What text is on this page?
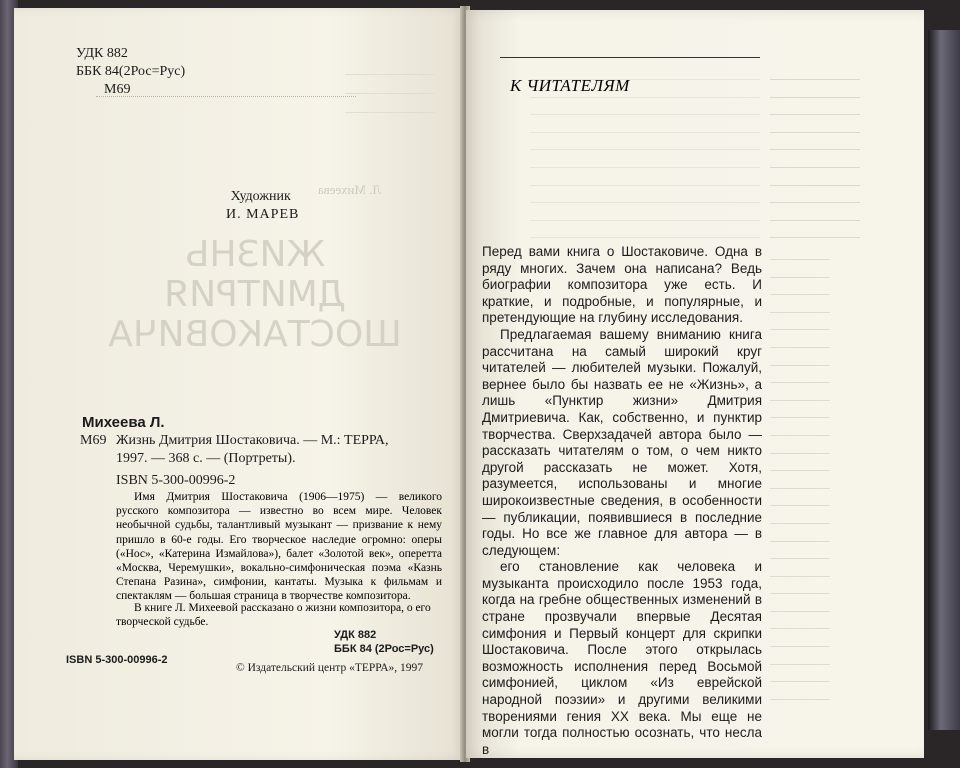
ЖИЗНЬ
ДМИТРИЯ
ШОСТАКОВИЧА
Л. Михеева
УДК 882
ББК 84(2Рос=Рус)
М69
Художник
И. МАРЕВ
Михеева Л.
М69 Жизнь Дмитрия Шостаковича. — М.: ТЕРРА,
1997. — 368 с. — (Портреты).
ISBN 5-300-00996-2
Имя Дмитрия Шостаковича (1906—1975) — великого русского композитора — известно во всем мире. Человек необычной судьбы, талантливый музыкант — призвание к нему пришло в 60-е годы. Его творческое наследие огромно: оперы («Нос», «Катерина Измайлова»), балет «Золотой век», оперетта «Москва, Черемушки», вокально-симфоническая поэма «Казнь Степана Разина», симфонии, кантаты. Музыка к фильмам и спектаклям — большая страница в творчестве композитора.
В книге Л. Михеевой рассказано о жизни композитора, о его творческой судьбе.
УДК 882
ББК 84 (2Рос=Рус)
ISBN 5-300-00996-2
© Издательский центр «ТЕРРА», 1997
К ЧИТАТЕЛЯМ

Перед вами книга о Шостаковиче. Одна в ряду многих. Зачем она написана? Ведь биографии композитора уже есть. И краткие, и подробные, и популярные, и претендующие на глубину исследования.

Предлагаемая вашему вниманию книга рассчитана на самый широкий круг читателей — любителей музыки. Пожалуй, вернее было бы назвать ее не «Жизнь», а лишь «Пунктир жизни» Дмитрия Дмитриевича. Как, собственно, и пунктир творчества. Сверхзадачей автора было — рассказать читателям о том, о чем никто другой рассказать не может. Хотя, разумеется, использованы и многие широкоизвестные сведения, в особенности — публикации, появившиеся в последние годы. Но все же главное для автора — в следующем:

его становление как человека и музыканта происходило после 1953 года, когда на гребне общественных изменений в стране прозвучали впервые Десятая симфония и Первый концерт для скрипки Шостаковича. После этого открылась возможность исполнения перед Восьмой симфонией, циклом «Из еврейской народной поэзии» и другими великими творениями гения XX века. Мы еще не могли тогда полностью осознать, что несла в
